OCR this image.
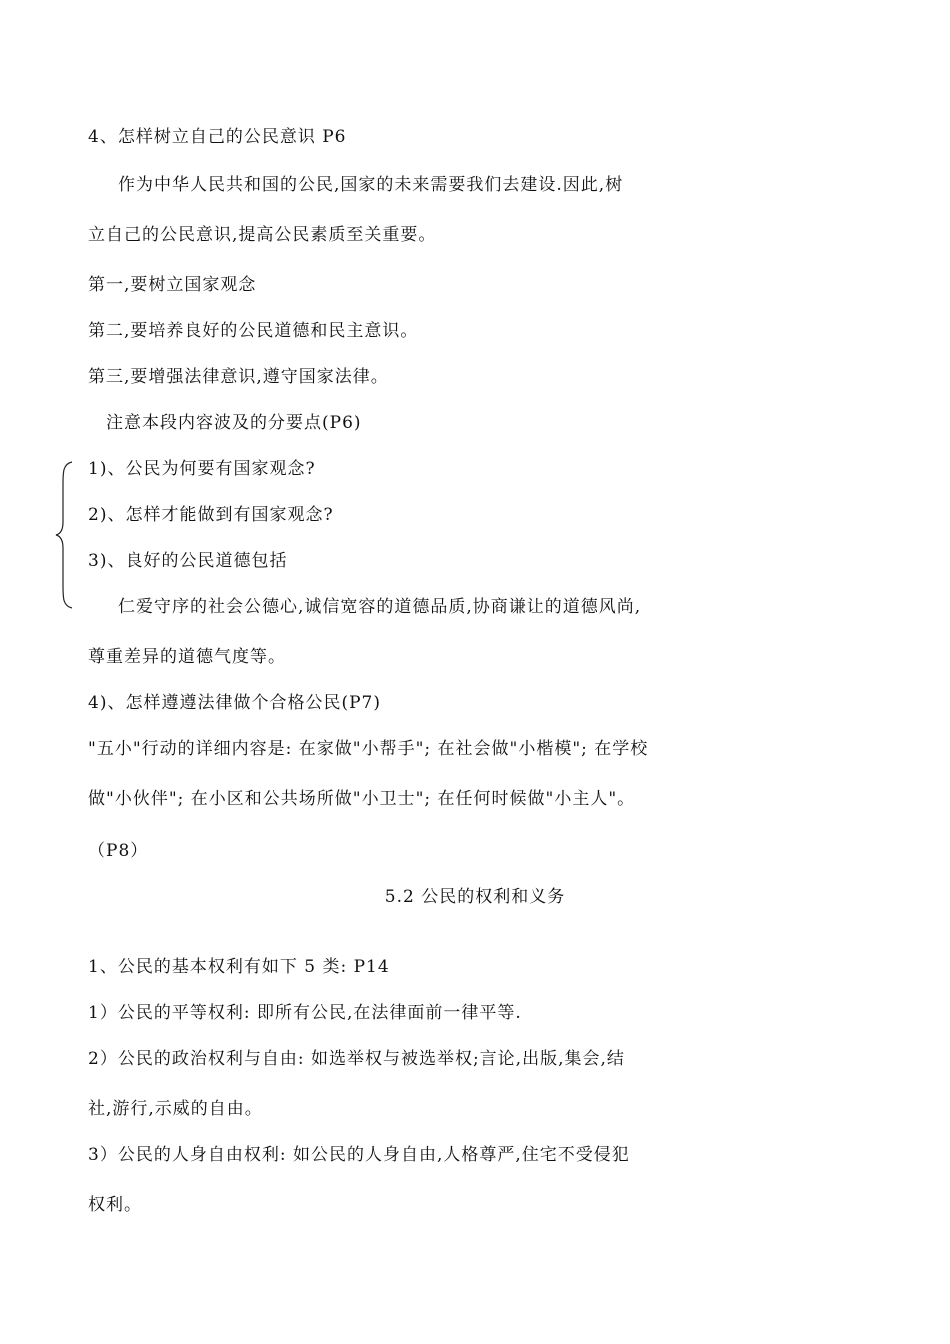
4、怎样树立自己的公民意识 P6
作为中华人民共和国的公民,国家的未来需要我们去建设.因此,树
立自己的公民意识,提高公民素质至关重要。
第一,要树立国家观念
第二,要培养良好的公民道德和民主意识。
第三,要增强法律意识,遵守国家法律。
注意本段内容波及的分要点(P6)
1)、公民为何要有国家观念?
2)、怎样才能做到有国家观念?
3)、良好的公民道德包括
仁爱守序的社会公德心,诚信宽容的道德品质,协商谦让的道德风尚,
尊重差异的道德气度等。
4)、怎样遵遵法律做个合格公民(P7)
"五小"行动的详细内容是: 在家做"小帮手"; 在社会做"小楷模"; 在学校
做"小伙伴"; 在小区和公共场所做"小卫士"; 在任何时候做"小主人"。
（P8）
5.2 公民的权利和义务
1、公民的基本权利有如下 5 类: P14
1）公民的平等权利: 即所有公民,在法律面前一律平等.
2）公民的政治权利与自由: 如选举权与被选举权;言论,出版,集会,结
社,游行,示威的自由。
3）公民的人身自由权利: 如公民的人身自由,人格尊严,住宅不受侵犯
权利。
